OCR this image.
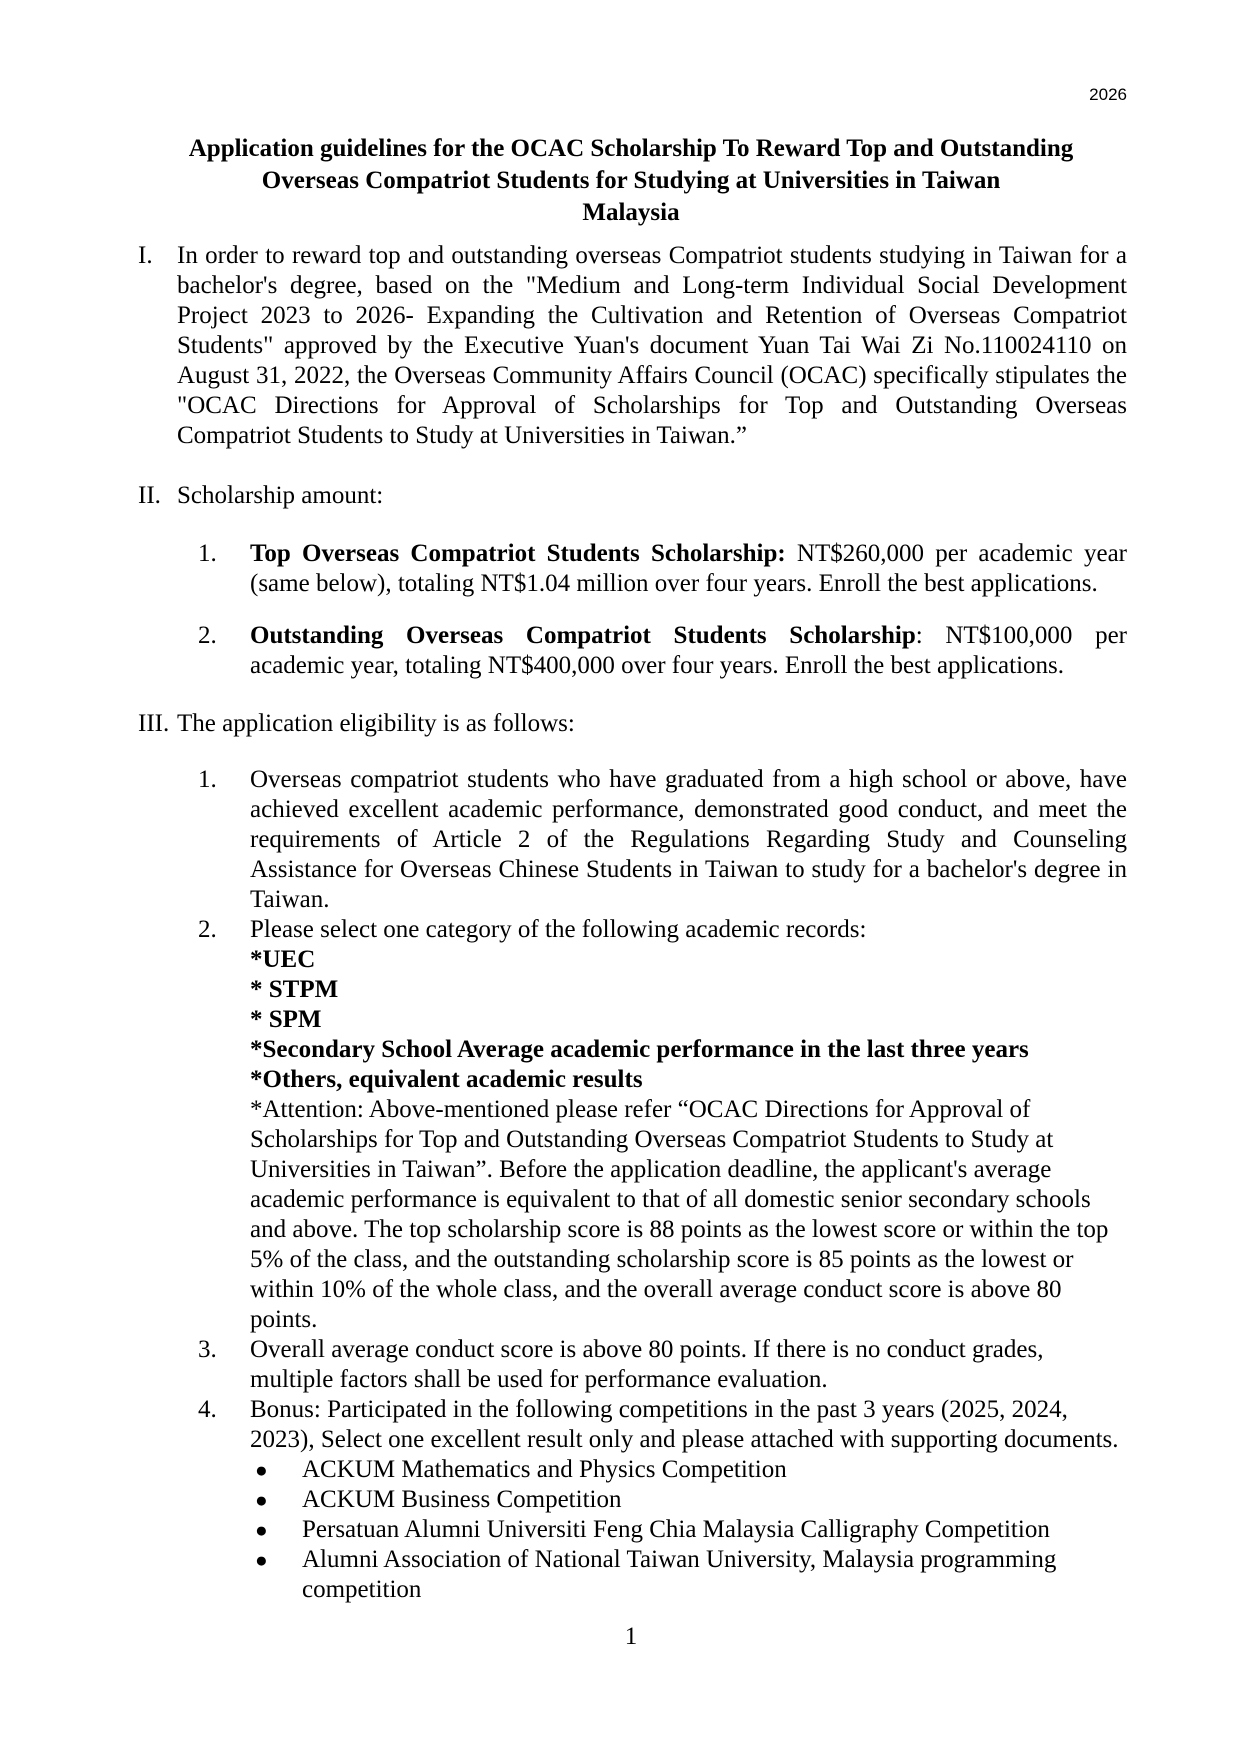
2026
Application guidelines for the OCAC Scholarship To Reward Top and Outstanding
Overseas Compatriot Students for Studying at Universities in Taiwan
Malaysia
I. In order to reward top and outstanding overseas Compatriot students studying in Taiwan for a bachelor's degree, based on the "Medium and Long-term Individual Social Development Project 2023 to 2026- Expanding the Cultivation and Retention of Overseas Compatriot Students" approved by the Executive Yuan's document Yuan Tai Wai Zi No.110024110 on August 31, 2022, the Overseas Community Affairs Council (OCAC) specifically stipulates the "OCAC Directions for Approval of Scholarships for Top and Outstanding Overseas Compatriot Students to Study at Universities in Taiwan.”
II. Scholarship amount:
1.	Top Overseas Compatriot Students Scholarship: NT$260,000 per academic year (same below), totaling NT$1.04 million over four years. Enroll the best applications.
2.	Outstanding Overseas Compatriot Students Scholarship: NT$100,000 per academic year, totaling NT$400,000 over four years. Enroll the best applications.
III. The application eligibility is as follows:
1.	Overseas compatriot students who have graduated from a high school or above, have achieved excellent academic performance, demonstrated good conduct, and meet the requirements of Article 2 of the Regulations Regarding Study and Counseling Assistance for Overseas Chinese Students in Taiwan to study for a bachelor's degree in Taiwan.
2.	Please select one category of the following academic records:
*UEC
* STPM
* SPM
*Secondary School Average academic performance in the last three years
*Others, equivalent academic results
*Attention: Above-mentioned please refer “OCAC Directions for Approval of Scholarships for Top and Outstanding Overseas Compatriot Students to Study at Universities in Taiwan”. Before the application deadline, the applicant's average academic performance is equivalent to that of all domestic senior secondary schools and above. The top scholarship score is 88 points as the lowest score or within the top 5% of the class, and the outstanding scholarship score is 85 points as the lowest or within 10% of the whole class, and the overall average conduct score is above 80 points.
3.	Overall average conduct score is above 80 points. If there is no conduct grades, multiple factors shall be used for performance evaluation.
4.	Bonus: Participated in the following competitions in the past 3 years (2025, 2024, 2023), Select one excellent result only and please attached with supporting documents.
●	ACKUM Mathematics and Physics Competition
●	ACKUM Business Competition
●	Persatuan Alumni Universiti Feng Chia Malaysia Calligraphy Competition
●	Alumni Association of National Taiwan University, Malaysia programming competition
1
